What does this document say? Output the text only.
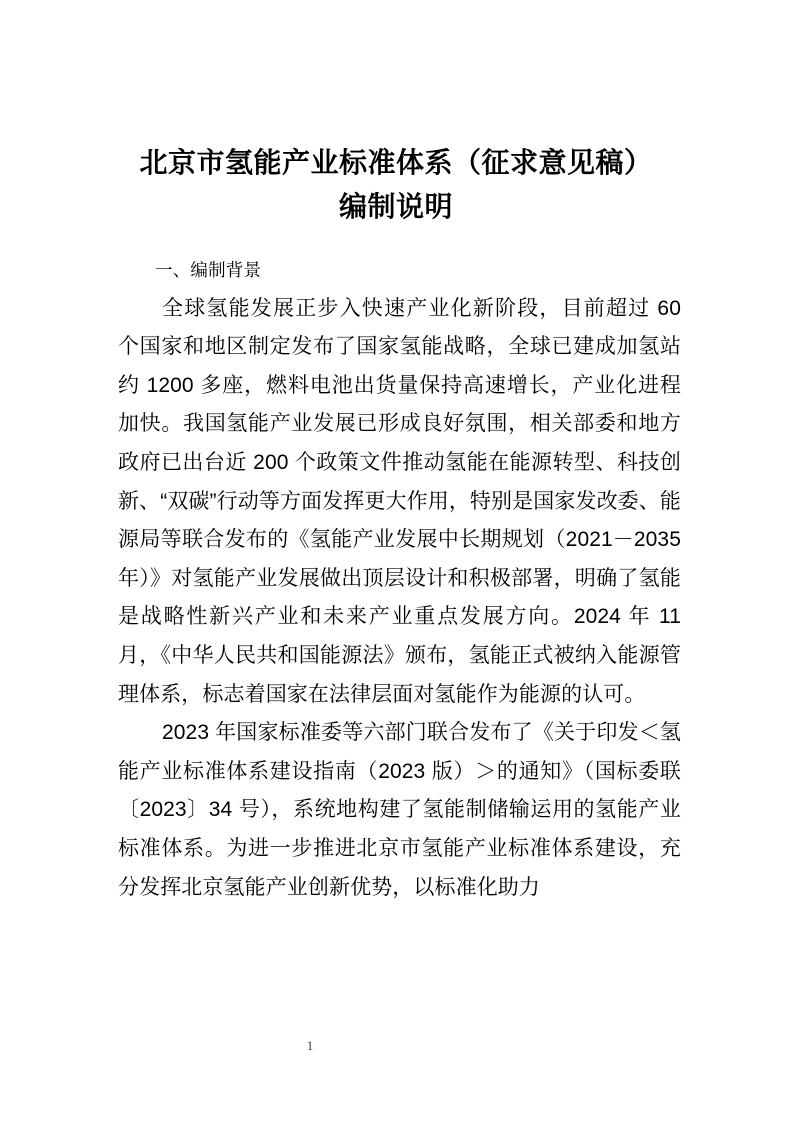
北京市氢能产业标准体系（征求意见稿）
编制说明
一、编制背景

全球氢能发展正步入快速产业化新阶段，目前超过 60 个国家和地区制定发布了国家氢能战略，全球已建成加氢站约 1200 多座，燃料电池出货量保持高速增长，产业化进程加快。我国氢能产业发展已形成良好氛围，相关部委和地方政府已出台近 200 个政策文件推动氢能在能源转型、科技创新、“双碳”行动等方面发挥更大作用，特别是国家发改委、能源局等联合发布的《氢能产业发展中长期规划（2021－2035 年）》对氢能产业发展做出顶层设计和积极部署，明确了氢能是战略性新兴产业和未来产业重点发展方向。2024 年 11 月，《中华人民共和国能源法》颁布，氢能正式被纳入能源管理体系，标志着国家在法律层面对氢能作为能源的认可。

2023 年国家标准委等六部门联合发布了《关于印发＜氢能产业标准体系建设指南（2023 版）＞的通知》（国标委联〔2023〕34 号），系统地构建了氢能制储输运用的氢能产业标准体系。为进一步推进北京市氢能产业标准体系建设，充分发挥北京氢能产业创新优势，以标准化助力

1
